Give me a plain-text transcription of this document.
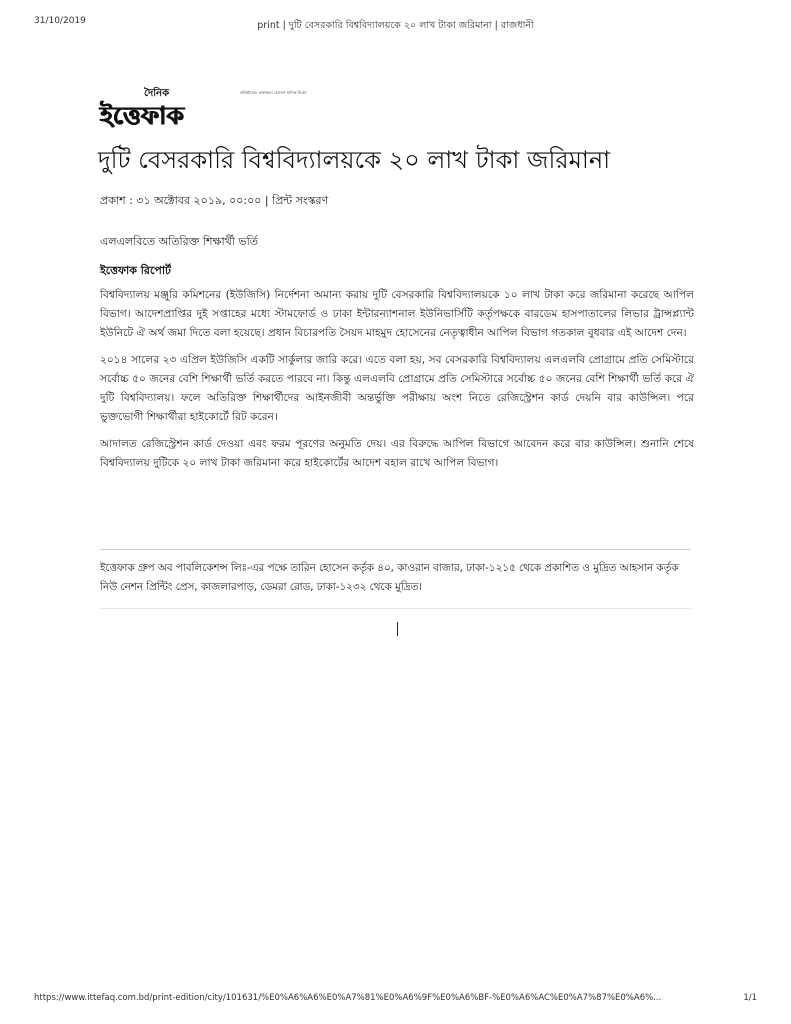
31/10/2019	print | দুটি বেসরকারি বিশ্ববিদ্যালয়কে ২০ লাখ টাকা জরিমানা | রাজধানী
দৈনিক	প্রতিষ্ঠাতাঃ তফাজ্জল হোসেন মানিক মিঞা
ইত্তেফাক
দুটি বেসরকারি বিশ্ববিদ্যালয়কে ২০ লাখ টাকা জরিমানা
প্রকাশ : ৩১ অক্টোবর ২০১৯, ০০:০০ | প্রিন্ট সংস্করণ
এলএলবিতে অতিরিক্ত শিক্ষার্থী ভর্তি
ইত্তেফাক রিপোর্ট

বিশ্ববিদ্যালয় মঞ্জুরি কমিশনের (ইউজিসি) নির্দেশনা অমান্য করায় দুটি বেসরকারি বিশ্ববিদ্যালয়কে ১০ লাখ টাকা করে জরিমানা করেছে আপিল বিভাগ। আদেশপ্রাপ্তির দুই সপ্তাহের মধ্যে স্টামফোর্ড ও ঢাকা ইন্টারন্যাশনাল ইউনিভার্সিটি কর্তৃপক্ষকে বারডেম হাসপাতালের লিভার ট্রান্সপ্ল্যান্ট ইউনিটে ঐ অর্থ জমা দিতে বলা হয়েছে। প্রধান বিচারপতি সৈয়দ মাহমুদ হোসেনের নেতৃত্বাধীন আপিল বিভাগ গতকাল বুধবার এই আদেশ দেন।

২০১৪ সালের ২৩ এপ্রিল ইউজিসি একটি সার্কুলার জারি করে। এতে বলা হয়, সব বেসরকারি বিশ্ববিদ্যালয় এলএলবি প্রোগ্রামে প্রতি সেমিস্টারে সর্বোচ্চ ৫০ জনের বেশি শিক্ষার্থী ভর্তি করতে পারবে না। কিন্তু এলএলবি প্রোগ্রামে প্রতি সেমিস্টারে সর্বোচ্চ ৫০ জনের বেশি শিক্ষার্থী ভর্তি করে ঐ দুটি বিশ্ববিদ্যালয়। ফলে অতিরিক্ত শিক্ষার্থীদের আইনজীবী অন্তর্ভুক্তি পরীক্ষায় অংশ নিতে রেজিস্ট্রেশন কার্ড দেয়নি বার কাউন্সিল। পরে ভুক্তভোগী শিক্ষার্থীরা হাইকোর্টে রিট করেন।

আদালত রেজিস্ট্রেশন কার্ড দেওয়া এবং ফরম পূরণের অনুমতি দেয়। এর বিরুদ্ধে আপিল বিভাগে আবেদন করে বার কাউন্সিল। শুনানি শেষে বিশ্ববিদ্যালয় দুটিকে ২০ লাখ টাকা জরিমানা করে হাইকোর্টের আদেশ বহাল রাখে আপিল বিভাগ।

ইত্তেফাক গ্রুপ অব পাবলিকেশন্স লিঃ-এর পক্ষে তারিন হোসেন কর্তৃক ৪০, কাওরান বাজার, ঢাকা-১২১৫ থেকে প্রকাশিত ও মুদ্রিত আহসান কর্তৃক নিউ নেশন প্রিন্টিং প্রেস, কাজলারপাড়, ডেমরা রোড, ঢাকা-১২৩২ থেকে মুদ্রিত।
https://www.ittefaq.com.bd/print-edition/city/101631/%E0%A6%A6%E0%A7%81%E0%A6%9F%E0%A6%BF-%E0%A6%AC%E0%A7%87%E0%A6%...	1/1
